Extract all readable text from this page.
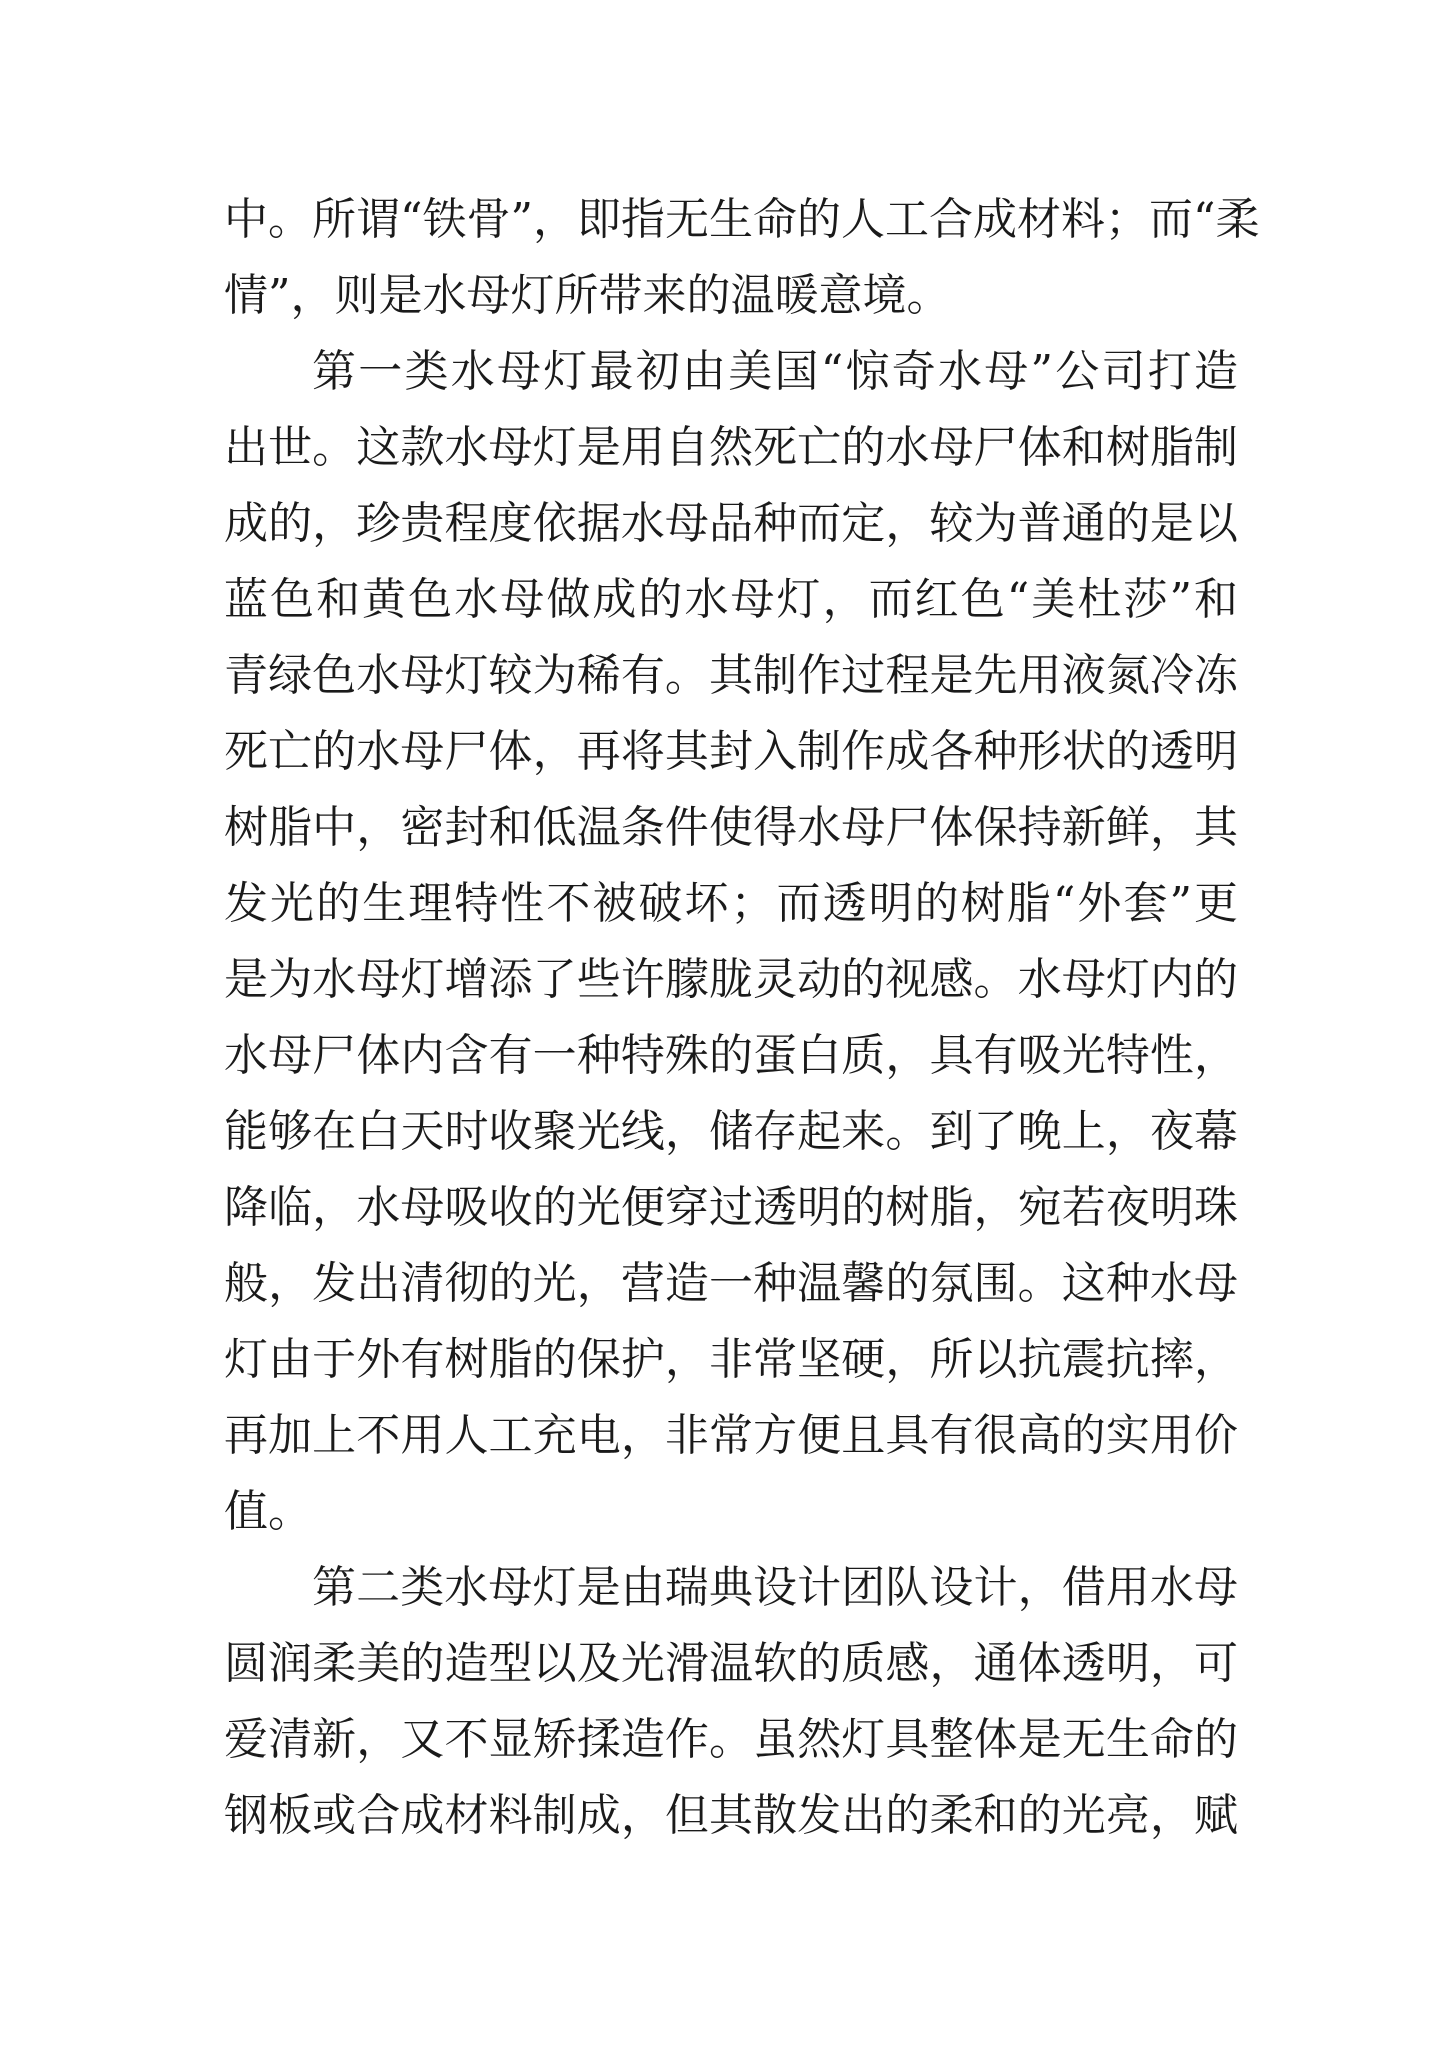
中。所谓“铁骨”，即指无生命的人工合成材料；而“柔
情”，则是水母灯所带来的温暖意境。
第一类水母灯最初由美国“惊奇水母”公司打造
出世。这款水母灯是用自然死亡的水母尸体和树脂制
成的，珍贵程度依据水母品种而定，较为普通的是以
蓝色和黄色水母做成的水母灯，而红色“美杜莎”和
青绿色水母灯较为稀有。其制作过程是先用液氮冷冻
死亡的水母尸体，再将其封入制作成各种形状的透明
树脂中，密封和低温条件使得水母尸体保持新鲜，其
发光的生理特性不被破坏；而透明的树脂“外套”更
是为水母灯增添了些许朦胧灵动的视感。水母灯内的
水母尸体内含有一种特殊的蛋白质，具有吸光特性，
能够在白天时收聚光线，储存起来。到了晚上，夜幕
降临，水母吸收的光便穿过透明的树脂，宛若夜明珠
般，发出清彻的光，营造一种温馨的氛围。这种水母
灯由于外有树脂的保护，非常坚硬，所以抗震抗摔，
再加上不用人工充电，非常方便且具有很高的实用价
值。
第二类水母灯是由瑞典设计团队设计，借用水母
圆润柔美的造型以及光滑温软的质感，通体透明，可
爱清新，又不显矫揉造作。虽然灯具整体是无生命的
钢板或合成材料制成，但其散发出的柔和的光亮，赋
